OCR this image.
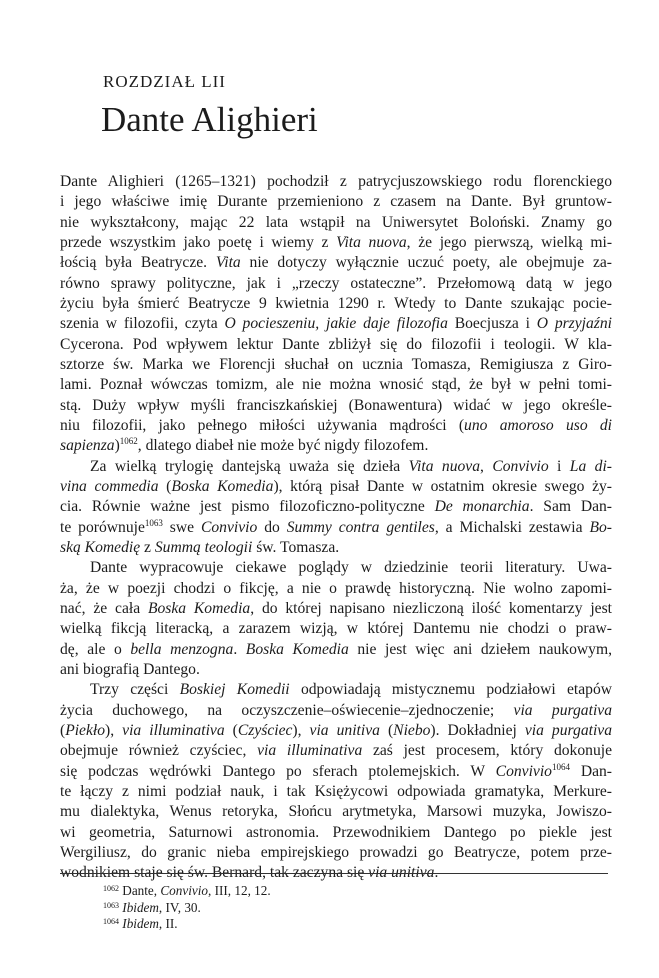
ROZDZIAŁ LII
Dante Alighieri
Dante Alighieri (1265–1321) pochodził z patrycjuszowskiego rodu florenckiego
i jego właściwe imię Durante przemieniono z czasem na Dante. Był gruntow-
nie wykształcony, mając 22 lata wstąpił na Uniwersytet Boloński. Znamy go
przede wszystkim jako poetę i wiemy z Vita nuova, że jego pierwszą, wielką mi-
łością była Beatrycze. Vita nie dotyczy wyłącznie uczuć poety, ale obejmuje za-
równo sprawy polityczne, jak i „rzeczy ostateczne”. Przełomową datą w jego
życiu była śmierć Beatrycze 9 kwietnia 1290 r. Wtedy to Dante szukając pocie-
szenia w filozofii, czyta O pocieszeniu, jakie daje filozofia Boecjusza i O przyjaźni
Cycerona. Pod wpływem lektur Dante zbliżył się do filozofii i teologii. W kla-
sztorze św. Marka we Florencji słuchał on ucznia Tomasza, Remigiusza z Giro-
lami. Poznał wówczas tomizm, ale nie można wnosić stąd, że był w pełni tomi-
stą. Duży wpływ myśli franciszkańskiej (Bonawentura) widać w jego określe-
niu filozofii, jako pełnego miłości używania mądrości (uno amoroso uso di
sapienza)$^{1062}$, dlatego diabeł nie może być nigdy filozofem.
Za wielką trylogię dantejską uważa się dzieła Vita nuova, Convivio i La di-
vina commedia (Boska Komedia), którą pisał Dante w ostatnim okresie swego ży-
cia. Równie ważne jest pismo filozoficzno-polityczne De monarchia. Sam Dan-
te porównuje$^{1063}$ swe Convivio do Summy contra gentiles, a Michalski zestawia Bo-
ską Komedię z Summą teologii św. Tomasza.
Dante wypracowuje ciekawe poglądy w dziedzinie teorii literatury. Uwa-
ża, że w poezji chodzi o fikcję, a nie o prawdę historyczną. Nie wolno zapomi-
nać, że cała Boska Komedia, do której napisano niezliczoną ilość komentarzy jest
wielką fikcją literacką, a zarazem wizją, w której Dantemu nie chodzi o praw-
dę, ale o bella menzogna. Boska Komedia nie jest więc ani dziełem naukowym,
ani biografią Dantego.
Trzy części Boskiej Komedii odpowiadają mistycznemu podziałowi etapów
życia duchowego, na oczyszczenie–oświecenie–zjednoczenie; via purgativa
(Piekło), via illuminativa (Czyściec), via unitiva (Niebo). Dokładniej via purgativa
obejmuje również czyściec, via illuminativa zaś jest procesem, który dokonuje
się podczas wędrówki Dantego po sferach ptolemejskich. W Convivio$^{1064}$ Dan-
te łączy z nimi podział nauk, i tak Księżycowi odpowiada gramatyka, Merkure-
mu dialektyka, Wenus retoryka, Słońcu arytmetyka, Marsowi muzyka, Jowiszo-
wi geometria, Saturnowi astronomia. Przewodnikiem Dantego po piekle jest
Wergiliusz, do granic nieba empirejskiego prowadzi go Beatrycze, potem prze-
wodnikiem staje się św. Bernard, tak zaczyna się via unitiva.
$^{1062}$ Dante, Convivio, III, 12, 12.
$^{1063}$ Ibidem, IV, 30.
$^{1064}$ Ibidem, II.
